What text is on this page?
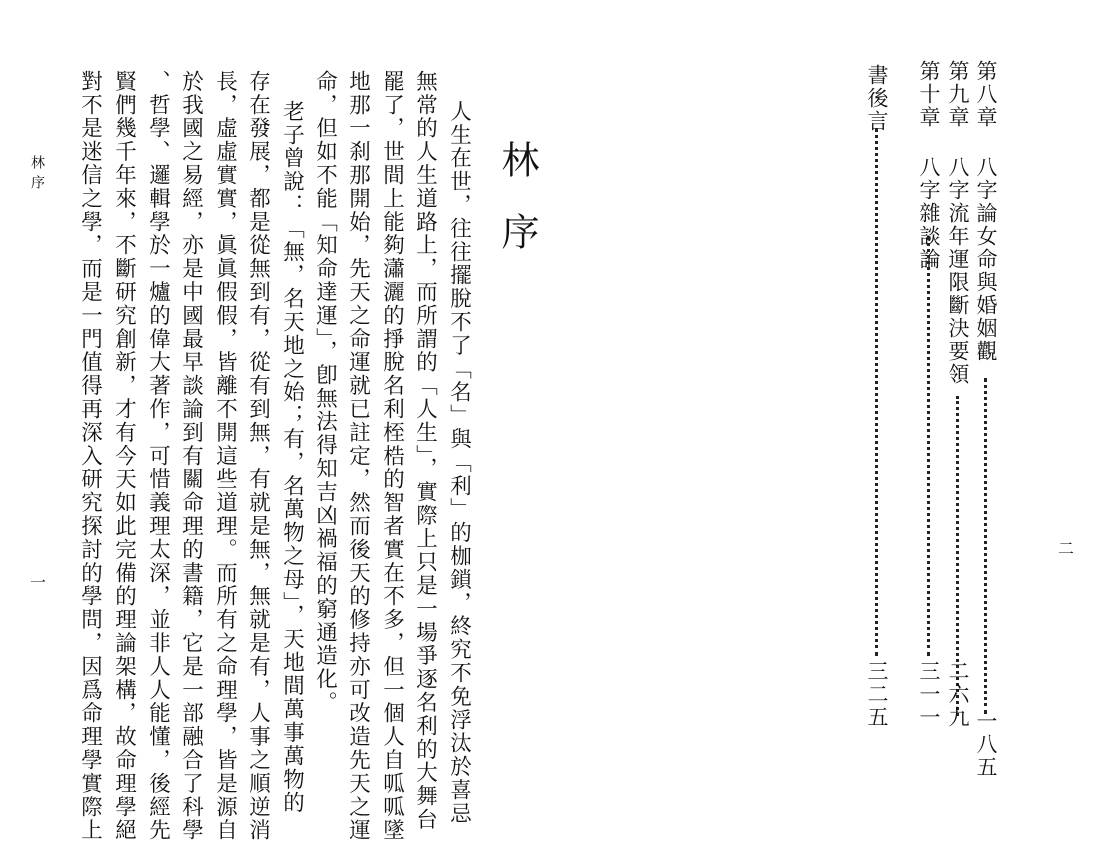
第八章
八字論女命與婚姻觀
一八五
第九章
八字流年運限斷決要領
二六九
第十章
八字雜談論
三一一
書後言
三二五
二
林序
人生在世，往往擺脫不了「名」與「利」的枷鎖，終究不免浮汰於喜忌
無常的人生道路上，而所謂的「人生」，實際上只是一場爭逐名利的大舞台
罷了，世間上能夠瀟灑的掙脫名利桎梏的智者實在不多，但一個人自呱呱墜
地那一刹那開始，先天之命運就已註定，然而後天的修持亦可改造先天之運
命，但如不能「知命達運」，卽無法得知吉凶禍福的窮通造化。
老子曾說：「無，名天地之始；有，名萬物之母」，天地間萬事萬物的
存在發展，都是從無到有，從有到無，有就是無，無就是有，人事之順逆消
長，虛虛實實，眞眞假假，皆離不開這些道理。而所有之命理學，皆是源自
於我國之易經，亦是中國最早談論到有關命理的書籍，它是一部融合了科學
、哲學、邏輯學於一爐的偉大著作，可惜義理太深，並非人人能懂，後經先
賢們幾千年來，不斷研究創新，才有今天如此完備的理論架構，故命理學絕
對不是迷信之學，而是一門值得再深入研究探討的學問，因爲命理學實際上
林序
一
